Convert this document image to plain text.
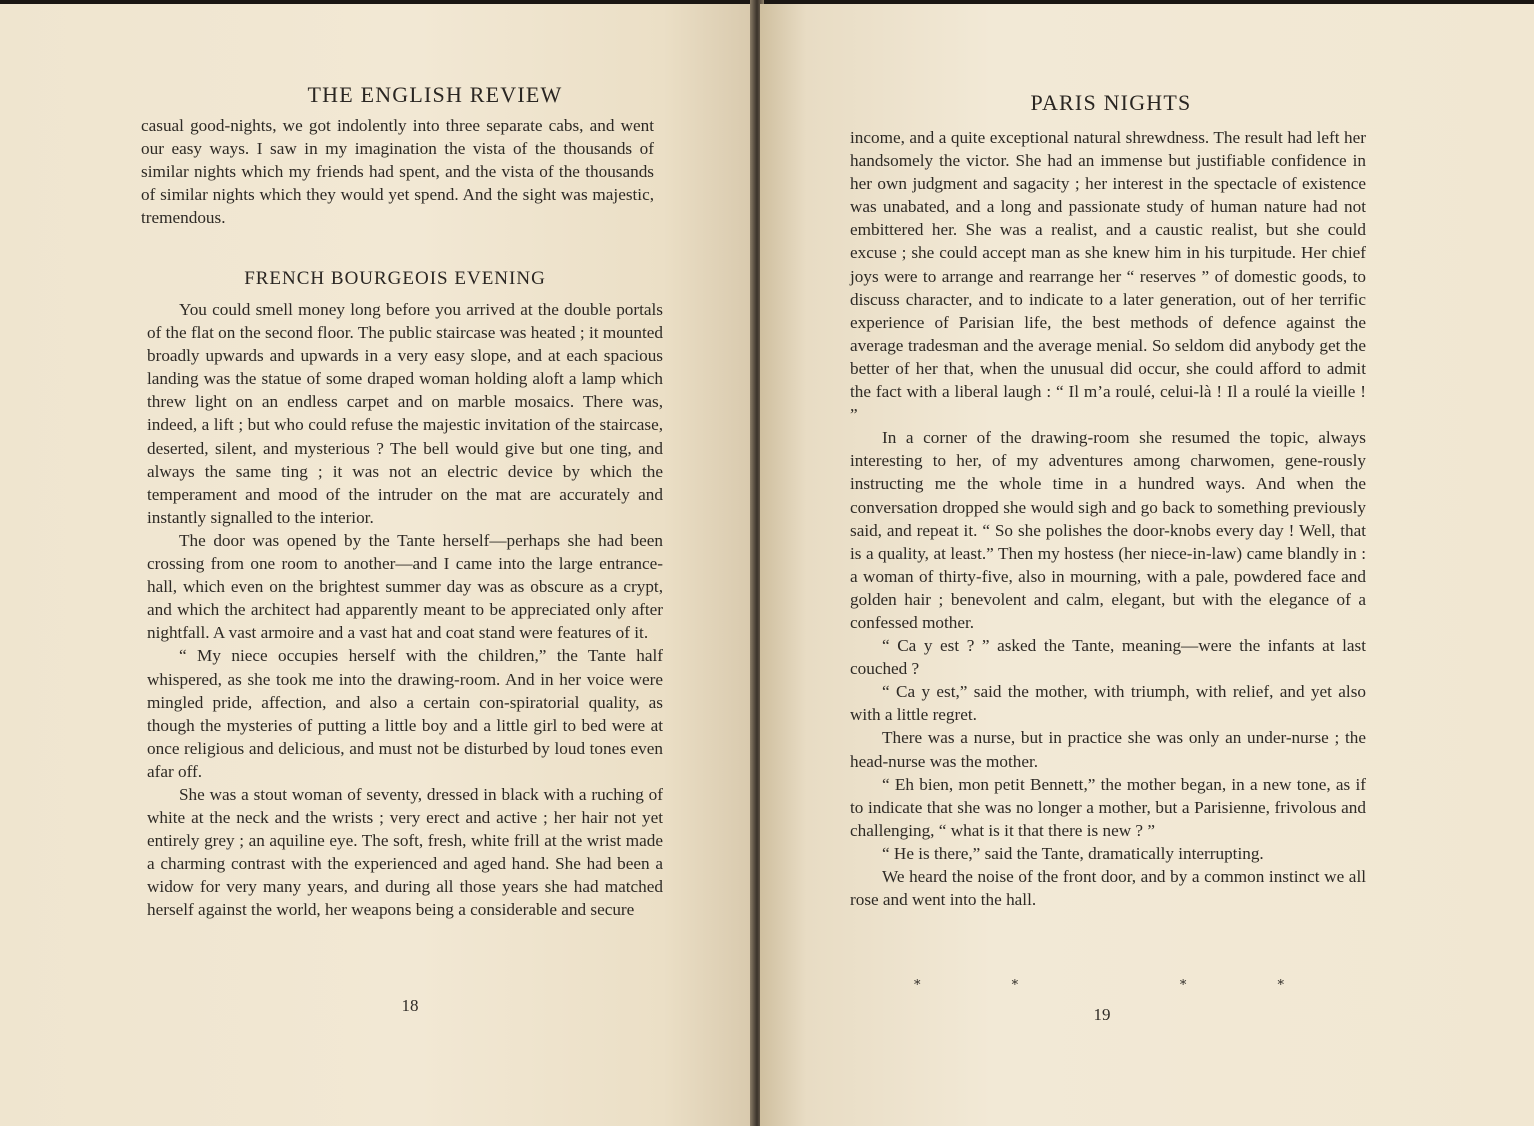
THE ENGLISH REVIEW

casual good-nights, we got indolently into three separate cabs, and went our easy ways. I saw in my imagination the vista of the thousands of similar nights which my friends had spent, and the vista of the thousands of similar nights which they would yet spend. And the sight was majestic, tremendous.

FRENCH BOURGEOIS EVENING

You could smell money long before you arrived at the double portals of the flat on the second floor. The public staircase was heated ; it mounted broadly upwards and upwards in a very easy slope, and at each spacious landing was the statue of some draped woman holding aloft a lamp which threw light on an endless carpet and on marble mosaics. There was, indeed, a lift ; but who could refuse the majestic invitation of the staircase, deserted, silent, and mysterious ? The bell would give but one ting, and always the same ting ; it was not an electric device by which the temperament and mood of the intruder on the mat are accurately and instantly signalled to the interior.

The door was opened by the Tante herself—perhaps she had been crossing from one room to another—and I came into the large entrance-hall, which even on the brightest summer day was as obscure as a crypt, and which the architect had apparently meant to be appreciated only after nightfall. A vast armoire and a vast hat and coat stand were features of it.

“ My niece occupies herself with the children,” the Tante half whispered, as she took me into the drawing-room. And in her voice were mingled pride, affection, and also a certain con-spiratorial quality, as though the mysteries of putting a little boy and a little girl to bed were at once religious and delicious, and must not be disturbed by loud tones even afar off.

She was a stout woman of seventy, dressed in black with a ruching of white at the neck and the wrists ; very erect and active ; her hair not yet entirely grey ; an aquiline eye. The soft, fresh, white frill at the wrist made a charming contrast with the experienced and aged hand. She had been a widow for very many years, and during all those years she had matched herself against the world, her weapons being a considerable and secure

18
PARIS NIGHTS

income, and a quite exceptional natural shrewdness. The result had left her handsomely the victor. She had an immense but justifiable confidence in her own judgment and sagacity ; her interest in the spectacle of existence was unabated, and a long and passionate study of human nature had not embittered her. She was a realist, and a caustic realist, but she could excuse ; she could accept man as she knew him in his turpitude. Her chief joys were to arrange and rearrange her “ reserves ” of domestic goods, to discuss character, and to indicate to a later generation, out of her terrific experience of Parisian life, the best methods of defence against the average tradesman and the average menial. So seldom did anybody get the better of her that, when the unusual did occur, she could afford to admit the fact with a liberal laugh : “ Il m’a roulé, celui-là ! Il a roulé la vieille ! ”

In a corner of the drawing-room she resumed the topic, always interesting to her, of my adventures among charwomen, gene-rously instructing me the whole time in a hundred ways. And when the conversation dropped she would sigh and go back to something previously said, and repeat it. “ So she polishes the door-knobs every day ! Well, that is a quality, at least.” Then my hostess (her niece-in-law) came blandly in : a woman of thirty-five, also in mourning, with a pale, powdered face and golden hair ; benevolent and calm, elegant, but with the elegance of a confessed mother.

“ Ca y est ? ” asked the Tante, meaning—were the infants at last couched ?

“ Ca y est,” said the mother, with triumph, with relief, and yet also with a little regret.

There was a nurse, but in practice she was only an under-nurse ; the head-nurse was the mother.

“ Eh bien, mon petit Bennett,” the mother began, in a new tone, as if to indicate that she was no longer a mother, but a Parisienne, frivolous and challenging, “ what is it that there is new ? ”

“ He is there,” said the Tante, dramatically interrupting.

We heard the noise of the front door, and by a common instinct we all rose and went into the hall.

19
*	*	*	*
